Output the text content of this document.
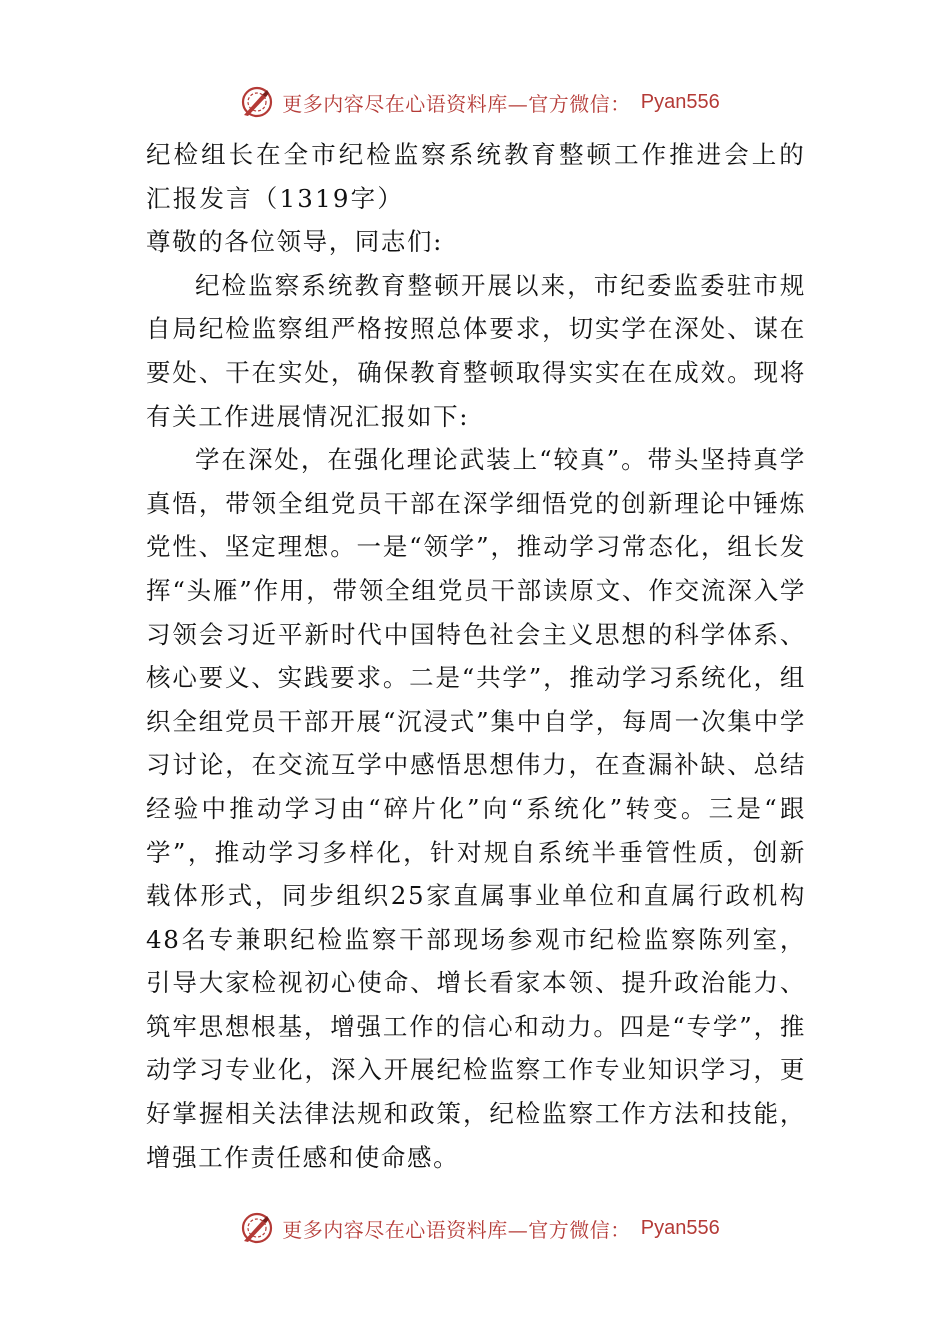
更多内容尽在心语资料库—官方微信： Pyan556

纪检组长在全市纪检监察系统教育整顿工作推进会上的汇报发言（1319字）

尊敬的各位领导，同志们:

纪检监察系统教育整顿开展以来，市纪委监委驻市规自局纪检监察组严格按照总体要求，切实学在深处、谋在要处、干在实处，确保教育整顿取得实实在在成效。现将有关工作进展情况汇报如下:

学在深处，在强化理论武装上“较真”。带头坚持真学真悟，带领全组党员干部在深学细悟党的创新理论中锤炼党性、坚定理想。一是“领学”，推动学习常态化，组长发挥“头雁”作用，带领全组党员干部读原文、作交流深入学习领会习近平新时代中国特色社会主义思想的科学体系、核心要义、实践要求。二是“共学”，推动学习系统化，组织全组党员干部开展“沉浸式”集中自学，每周一次集中学习讨论，在交流互学中感悟思想伟力，在查漏补缺、总结经验中推动学习由“碎片化”向“系统化”转变。三是“跟学”，推动学习多样化，针对规自系统半垂管性质，创新载体形式，同步组织25家直属事业单位和直属行政机构48名专兼职纪检监察干部现场参观市纪检监察陈列室，引导大家检视初心使命、增长看家本领、提升政治能力、筑牢思想根基，增强工作的信心和动力。四是“专学”，推动学习专业化，深入开展纪检监察工作专业知识学习，更好掌握相关法律法规和政策，纪检监察工作方法和技能，增强工作责任感和使命感。

更多内容尽在心语资料库—官方微信： Pyan556
